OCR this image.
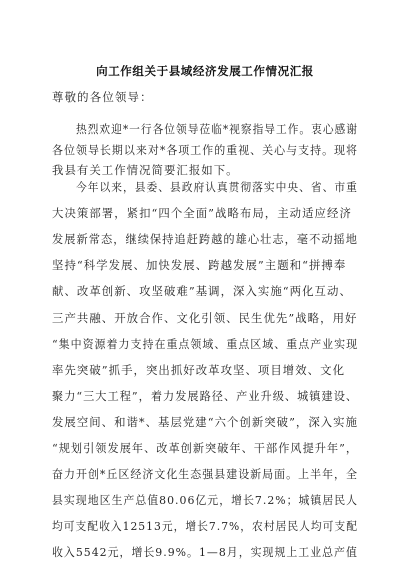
向工作组关于县域经济发展工作情况汇报
尊敬的各位领导：
热烈欢迎*一行各位领导莅临*视察指导工作。衷心感谢
各位领导长期以来对*各项工作的重视、关心与支持。现将
我县有关工作情况简要汇报如下。
今年以来，县委、县政府认真贯彻落实中央、省、市重
大决策部署，紧扣“四个全面”战略布局，主动适应经济
发展新常态，继续保持追赶跨越的雄心壮志，毫不动摇地
坚持“科学发展、加快发展、跨越发展”主题和“拼搏奉
献、改革创新、攻坚破难”基调，深入实施“两化互动、
三产共融、开放合作、文化引领、民生优先”战略，用好
“集中资源着力支持在重点领域、重点区域、重点产业实现
率先突破”抓手，突出抓好改革攻坚、项目增效、文化
聚力“三大工程”，着力发展路径、产业升级、城镇建设、
发展空间、和谐*、基层党建“六个创新突破”，深入实施
“规划引领发展年、改革创新突破年、干部作风提升年”，
奋力开创*丘区经济文化生态强县建设新局面。上半年，全
县实现地区生产总值80.06亿元，增长7.2%；城镇居民人
均可支配收入12513元，增长7.7%，农村居民人均可支配
收入5542元，增长9.9%。1—8月，实现规上工业总产值
